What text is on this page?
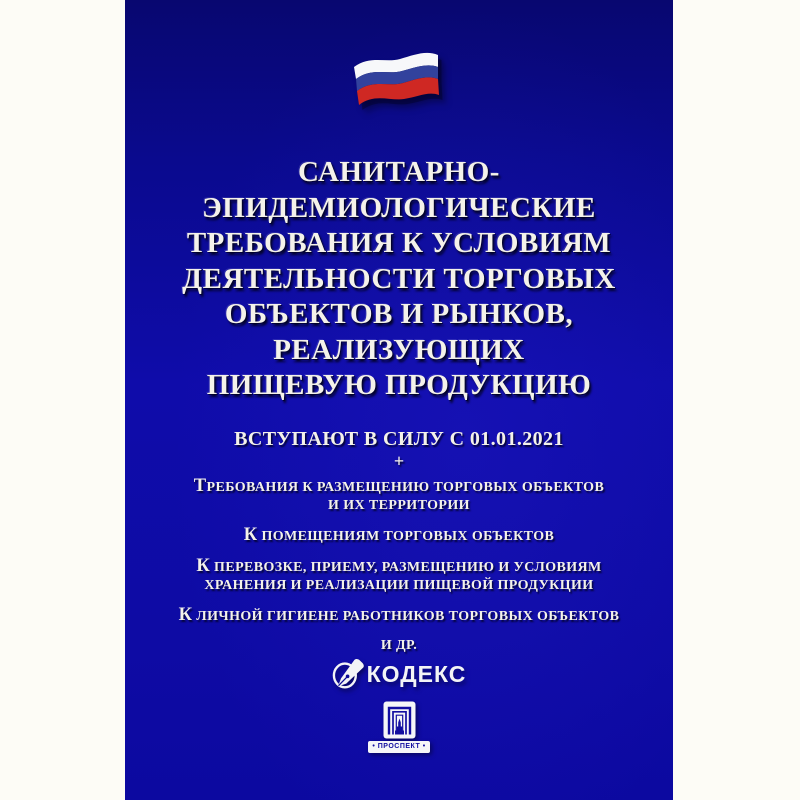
САНИТАРНО-
ЭПИДЕМИОЛОГИЧЕСКИЕ
ТРЕБОВАНИЯ К УСЛОВИЯМ
ДЕЯТЕЛЬНОСТИ ТОРГОВЫХ
ОБЪЕКТОВ И РЫНКОВ,
РЕАЛИЗУЮЩИХ
ПИЩЕВУЮ ПРОДУКЦИЮ
ВСТУПАЮТ В СИЛУ С 01.01.2021
+
ТРЕБОВАНИЯ К РАЗМЕЩЕНИЮ ТОРГОВЫХ ОБЪЕКТОВ
И ИХ ТЕРРИТОРИИ
К ПОМЕЩЕНИЯМ ТОРГОВЫХ ОБЪЕКТОВ
К ПЕРЕВОЗКЕ, ПРИЕМУ, РАЗМЕЩЕНИЮ И УСЛОВИЯМ
ХРАНЕНИЯ И РЕАЛИЗАЦИИ ПИЩЕВОЙ ПРОДУКЦИИ
К ЛИЧНОЙ ГИГИЕНЕ РАБОТНИКОВ ТОРГОВЫХ ОБЪЕКТОВ
И ДР.
КОДЕКС
• ПРОСПЕКТ •
